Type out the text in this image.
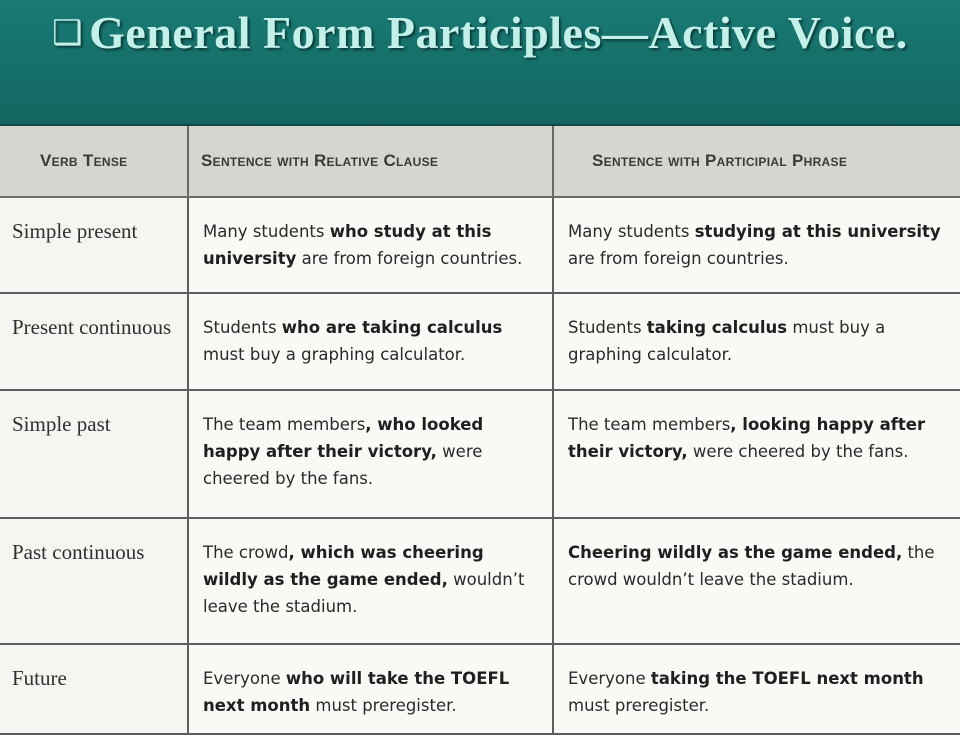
❑ General Form Participles—Active Voice.
Verb Tense	Sentence with Relative Clause	Sentence with Participial Phrase
Simple present	Many students who study at this university are from foreign countries.	Many students studying at this university are from foreign countries.
Present continuous	Students who are taking calculus must buy a graphing calculator.	Students taking calculus must buy a graphing calculator.
Simple past	The team members, who looked happy after their victory, were cheered by the fans.	The team members, looking happy after their victory, were cheered by the fans.
Past continuous	The crowd, which was cheering wildly as the game ended, wouldn’t leave the stadium.	Cheering wildly as the game ended, the crowd wouldn’t leave the stadium.
Future	Everyone who will take the TOEFL next month must preregister.	Everyone taking the TOEFL next month must preregister.
